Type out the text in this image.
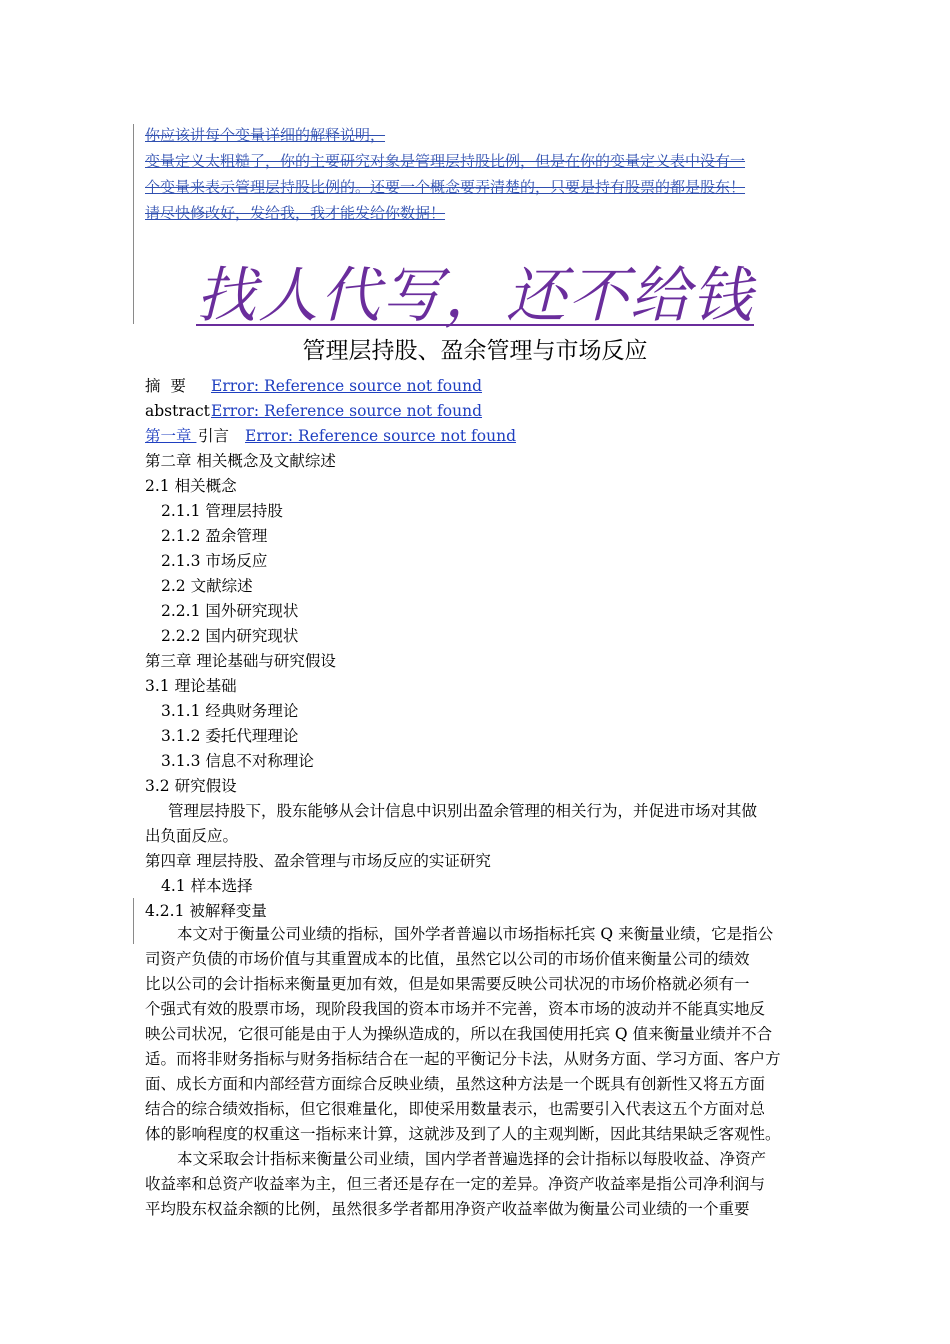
你应该讲每个变量详细的解释说明，
变量定义太粗糙了，你的主要研究对象是管理层持股比例，但是在你的变量定义表中没有一
个变量来表示管理层持股比例的。还要一个概念要弄清楚的，只要是持有股票的都是股东！
请尽快修改好，发给我，我才能发给你数据！
找人代写，还不给钱
管理层持股、盈余管理与市场反应
摘  要 Error: Reference source not found
abstract Error: Reference source not found
第一章 引言 Error: Reference source not found
第二章 相关概念及文献综述
2.1 相关概念
2.1.1 管理层持股
2.1.2 盈余管理
2.1.3 市场反应
2.2 文献综述
2.2.1 国外研究现状
2.2.2 国内研究现状
第三章 理论基础与研究假设
3.1 理论基础
3.1.1 经典财务理论
3.1.2 委托代理理论
3.1.3 信息不对称理论
3.2 研究假设
管理层持股下，股东能够从会计信息中识别出盈余管理的相关行为，并促进市场对其做
出负面反应。
第四章 理层持股、盈余管理与市场反应的实证研究
4.1 样本选择
4.2.1 被解释变量
本文对于衡量公司业绩的指标，国外学者普遍以市场指标托宾 Q 来衡量业绩，它是指公
司资产负债的市场价值与其重置成本的比值，虽然它以公司的市场价值来衡量公司的绩效
比以公司的会计指标来衡量更加有效，但是如果需要反映公司状况的市场价格就必须有一
个强式有效的股票市场，现阶段我国的资本市场并不完善，资本市场的波动并不能真实地反
映公司状况，它很可能是由于人为操纵造成的，所以在我国使用托宾 Q 值来衡量业绩并不合
适。而将非财务指标与财务指标结合在一起的平衡记分卡法，从财务方面、学习方面、客户方
面、成长方面和内部经营方面综合反映业绩，虽然这种方法是一个既具有创新性又将五方面
结合的综合绩效指标，但它很难量化，即使采用数量表示，也需要引入代表这五个方面对总
体的影响程度的权重这一指标来计算，这就涉及到了人的主观判断，因此其结果缺乏客观性。
本文采取会计指标来衡量公司业绩，国内学者普遍选择的会计指标以每股收益、净资产
收益率和总资产收益率为主，但三者还是存在一定的差异。净资产收益率是指公司净利润与
平均股东权益余额的比例，虽然很多学者都用净资产收益率做为衡量公司业绩的一个重要
